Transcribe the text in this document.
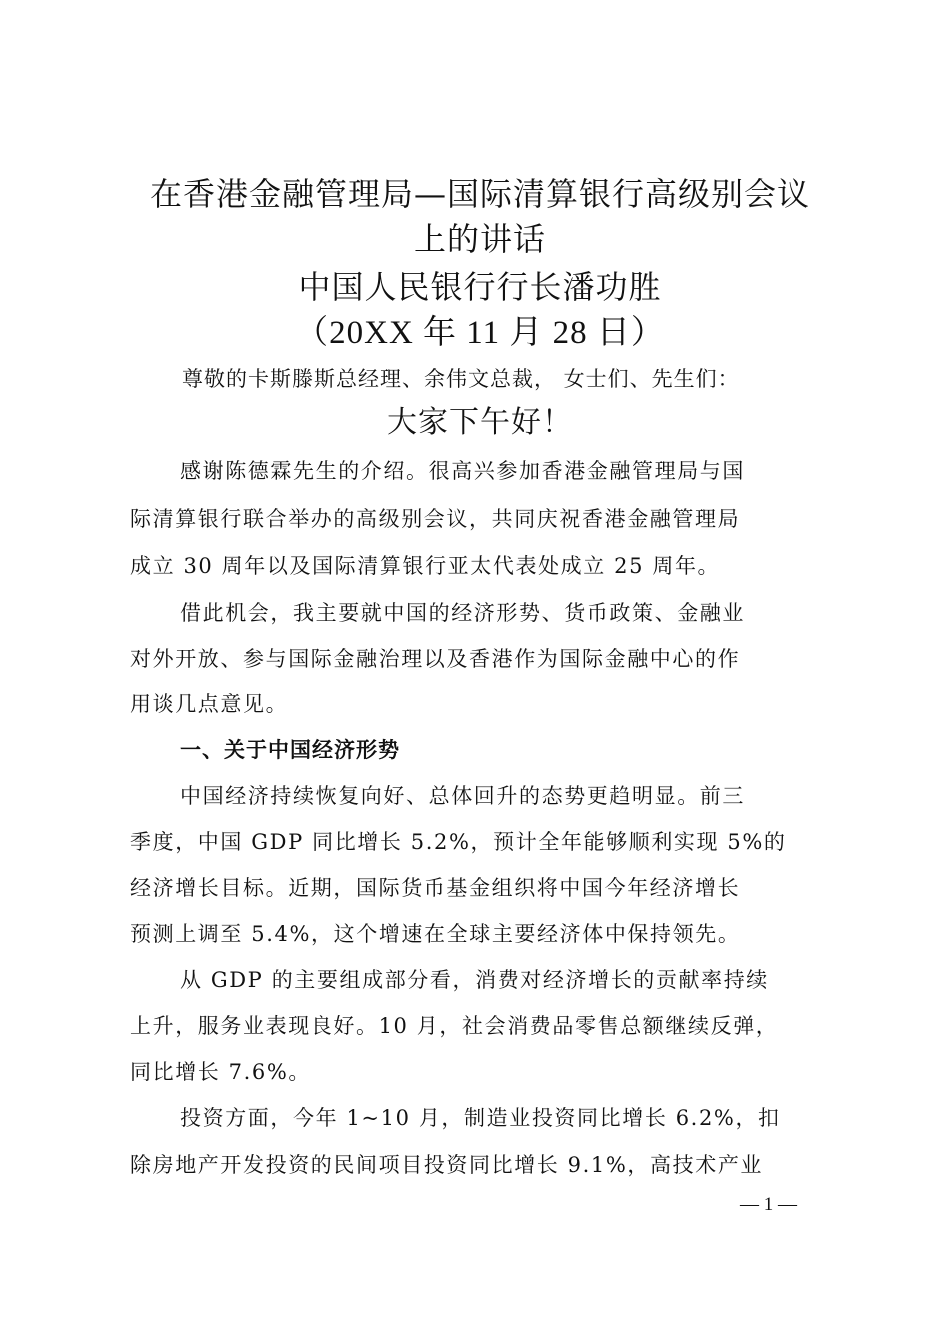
在香港金融管理局—国际清算银行高级别会议
上的讲话
中国人民银行行长潘功胜
（20XX 年 11 月 28 日）
尊敬的卡斯滕斯总经理、余伟文总裁， 女士们、先生们：
大家下午好！
感谢陈德霖先生的介绍。很高兴参加香港金融管理局与国
际清算银行联合举办的高级别会议，共同庆祝香港金融管理局
成立 30 周年以及国际清算银行亚太代表处成立 25 周年。
借此机会，我主要就中国的经济形势、货币政策、金融业
对外开放、参与国际金融治理以及香港作为国际金融中心的作
用谈几点意见。
一、关于中国经济形势
中国经济持续恢复向好、总体回升的态势更趋明显。前三
季度，中国 GDP 同比增长 5.2%，预计全年能够顺利实现 5%的
经济增长目标。近期，国际货币基金组织将中国今年经济增长
预测上调至 5.4%，这个增速在全球主要经济体中保持领先。
从 GDP 的主要组成部分看，消费对经济增长的贡献率持续
上升，服务业表现良好。10 月，社会消费品零售总额继续反弹，
同比增长 7.6%。
投资方面，今年 1~10 月，制造业投资同比增长 6.2%，扣
除房地产开发投资的民间项目投资同比增长 9.1%，高技术产业
— 1 —
